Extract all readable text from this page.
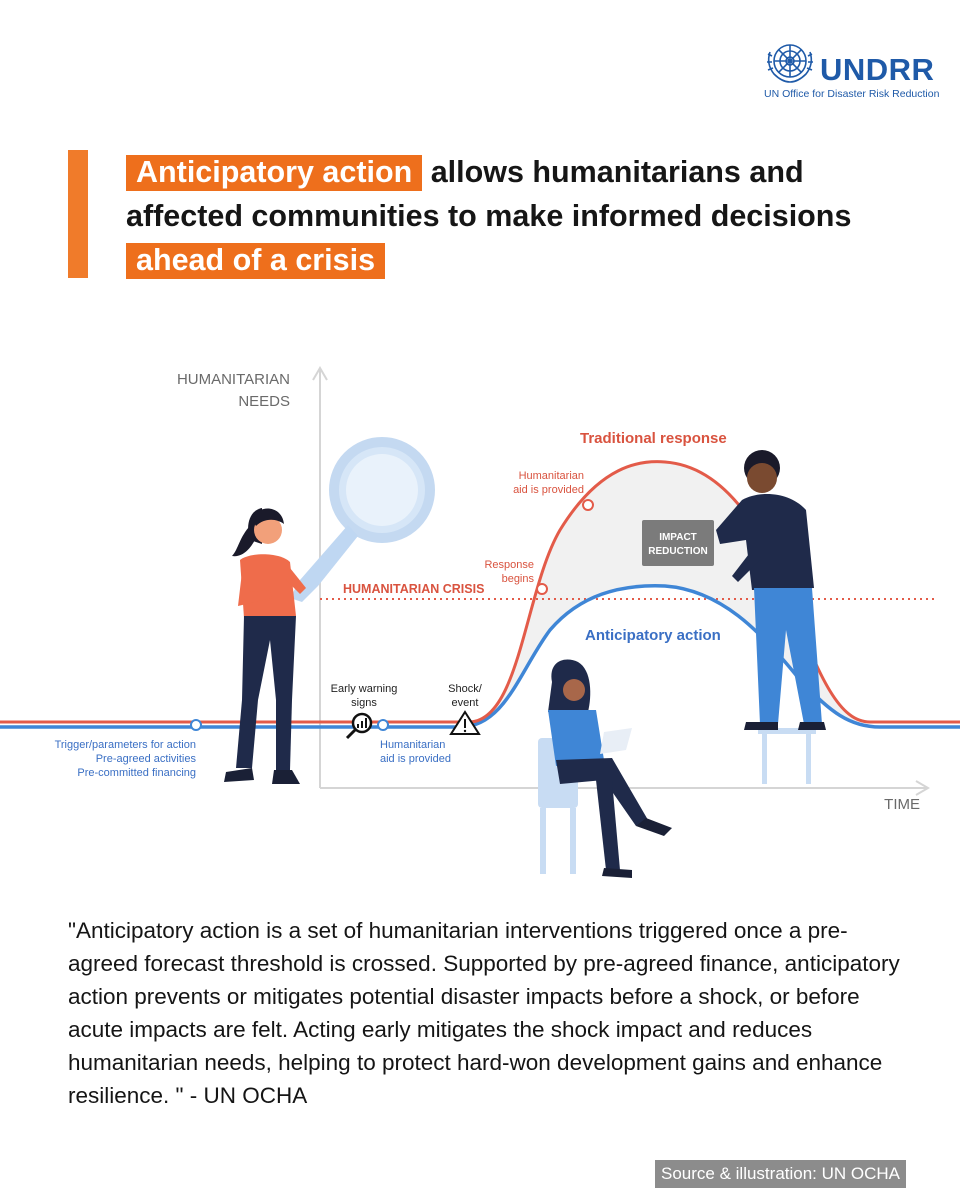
UNDRR
UN Office for Disaster Risk Reduction
Anticipatory action allows humanitarians and affected communities to make informed decisions ahead of a crisis
HUMANITARIAN
NEEDS
TIME
HUMANITARIAN CRISIS
Traditional response
Anticipatory action
Humanitarian
aid is provided
Response
begins
Early warning
signs
Shock/
event
Humanitarian
aid is provided
Trigger/parameters for action
Pre-agreed activities
Pre-committed financing
IMPACT
REDUCTION
"Anticipatory action is a set of humanitarian interventions triggered once a pre-agreed forecast threshold is crossed. Supported by pre-agreed finance, anticipatory action prevents or mitigates potential disaster impacts before a shock, or before acute impacts are felt. Acting early mitigates the shock impact and reduces humanitarian needs, helping to protect hard-won development gains and enhance resilience. " - UN OCHA
Source & illustration: UN OCHA
